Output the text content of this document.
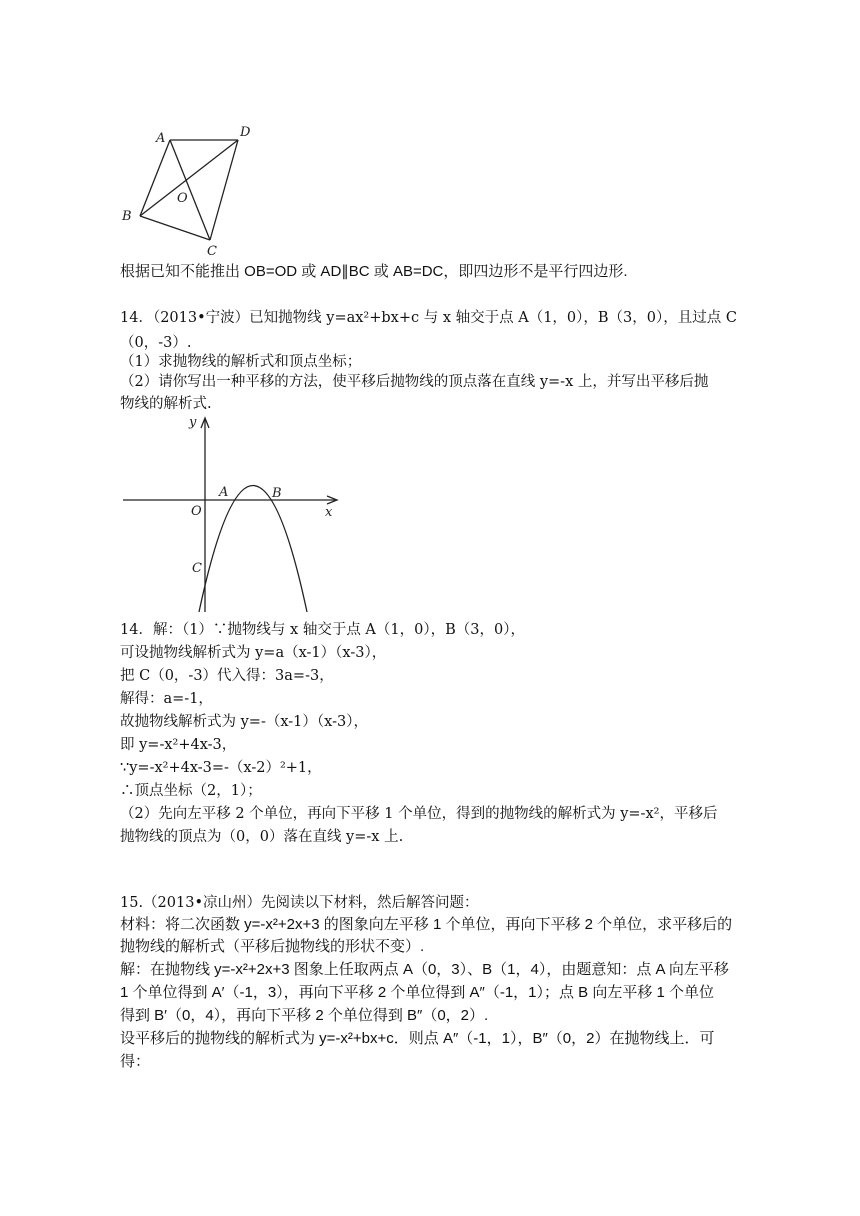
A	D
B
C
O
根据已知不能推出 OB=OD 或 AD∥BC 或 AB=DC，即四边形不是平行四边形.
14．（2013•宁波）已知抛物线 y=ax²+bx+c 与 x 轴交于点 A（1，0），B（3，0），且过点 C
（0，-3）.
（1）求抛物线的解析式和顶点坐标；
（2）请你写出一种平移的方法，使平移后抛物线的顶点落在直线 y=-x 上，并写出平移后抛
物线的解析式.
y
x
O
A	B
C
14．解：（1）∵抛物线与 x 轴交于点 A（1，0），B（3，0），
可设抛物线解析式为 y=a（x-1）（x-3），
把 C（0，-3）代入得：3a=-3，
解得：a=-1，
故抛物线解析式为 y=-（x-1）（x-3），
即 y=-x²+4x-3，
∵y=-x²+4x-3=-（x-2）²+1，
∴顶点坐标（2，1）；
（2）先向左平移 2 个单位，再向下平移 1 个单位，得到的抛物线的解析式为 y=-x²，平移后
抛物线的顶点为（0，0）落在直线 y=-x 上.
15.（2013•凉山州）先阅读以下材料，然后解答问题：
材料：将二次函数 y=-x²+2x+3 的图象向左平移 1 个单位，再向下平移 2 个单位，求平移后的
抛物线的解析式（平移后抛物线的形状不变）.
解：在抛物线 y=-x²+2x+3 图象上任取两点 A（0，3）、B（1，4），由题意知：点 A 向左平移
1 个单位得到 A′（-1，3），再向下平移 2 个单位得到 A″（-1，1）；点 B 向左平移 1 个单位
得到 B′（0，4），再向下平移 2 个单位得到 B″（0，2）.
设平移后的抛物线的解析式为 y=-x²+bx+c．则点 A″（-1，1），B″（0，2）在抛物线上．可
得：
